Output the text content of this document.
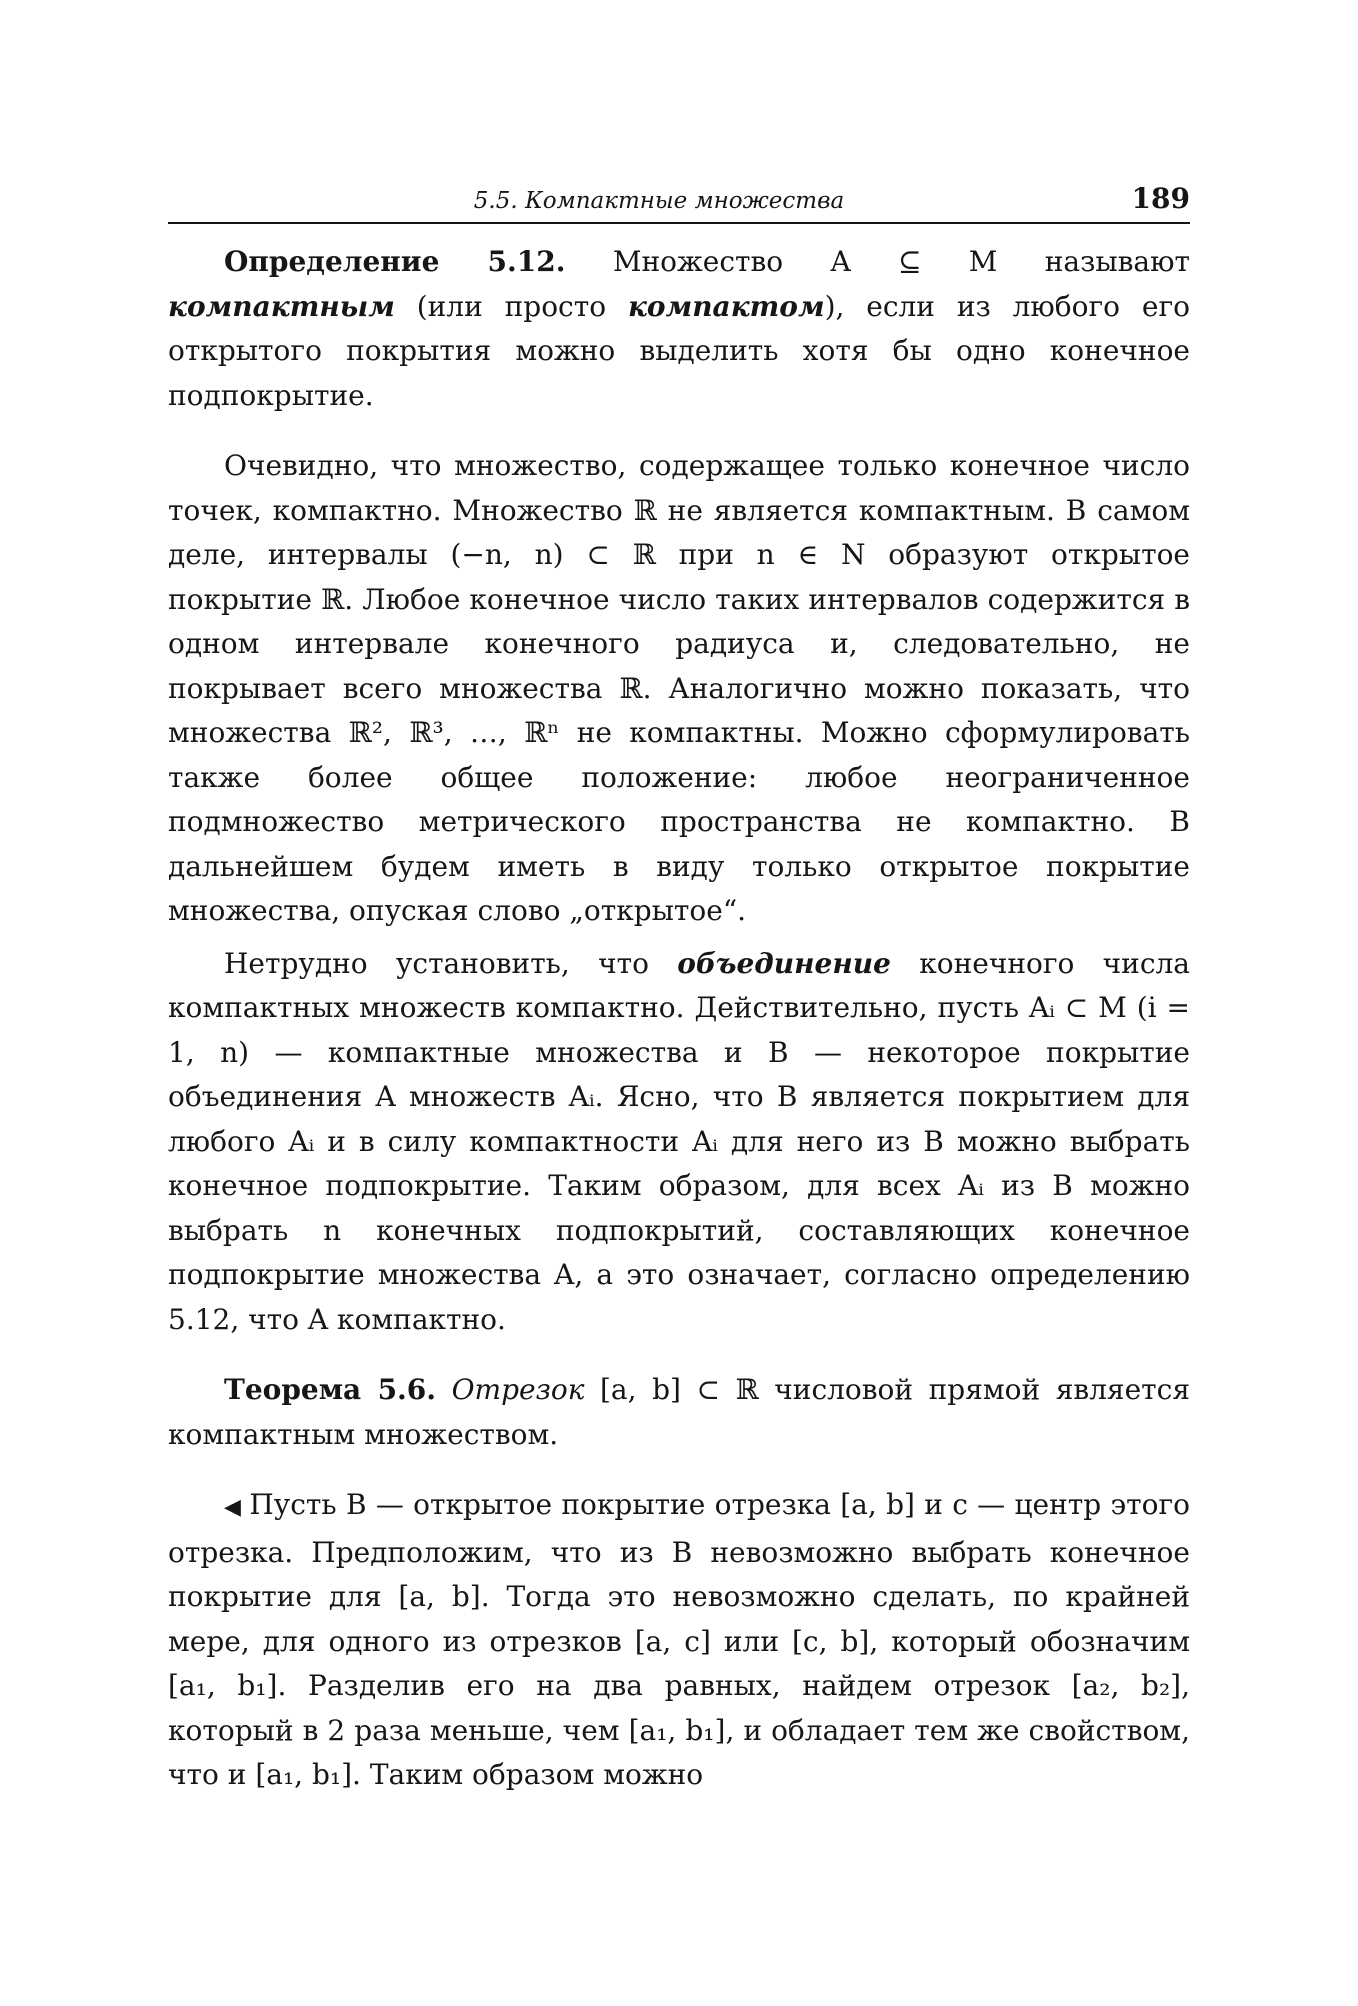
5.5. Компактные множества	189

Определение 5.12. Множество A ⊆ M называют компактным (или просто компактом), если из любого его открытого покрытия можно выделить хотя бы одно конечное подпокрытие.

Очевидно, что множество, содержащее только конечное число точек, компактно. Множество ℝ не является компактным. В самом деле, интервалы (−n, n) ⊂ ℝ при n ∈ N образуют открытое покрытие ℝ. Любое конечное число таких интервалов содержится в одном интервале конечного радиуса и, следовательно, не покрывает всего множества ℝ. Аналогично можно показать, что множества ℝ², ℝ³, …, ℝⁿ не компактны. Можно сформулировать также более общее положение: любое неограниченное подмножество метрического пространства не компактно. В дальнейшем будем иметь в виду только открытое покрытие множества, опуская слово „открытое“.

Нетрудно установить, что объединение конечного числа компактных множеств компактно. Действительно, пусть Aᵢ ⊂ M (i = 1, n) — компактные множества и B — некоторое покрытие объединения A множеств Aᵢ. Ясно, что B является покрытием для любого Aᵢ и в силу компактности Aᵢ для него из B можно выбрать конечное подпокрытие. Таким образом, для всех Aᵢ из B можно выбрать n конечных подпокрытий, составляющих конечное подпокрытие множества A, а это означает, согласно определению 5.12, что A компактно.

Теорема 5.6. Отрезок [a, b] ⊂ ℝ числовой прямой является компактным множеством.

◀ Пусть B — открытое покрытие отрезка [a, b] и c — центр этого отрезка. Предположим, что из B невозможно выбрать конечное покрытие для [a, b]. Тогда это невозможно сделать, по крайней мере, для одного из отрезков [a, c] или [c, b], который обозначим [a₁, b₁]. Разделив его на два равных, найдем отрезок [a₂, b₂], который в 2 раза меньше, чем [a₁, b₁], и обладает тем же свойством, что и [a₁, b₁]. Таким образом можно
